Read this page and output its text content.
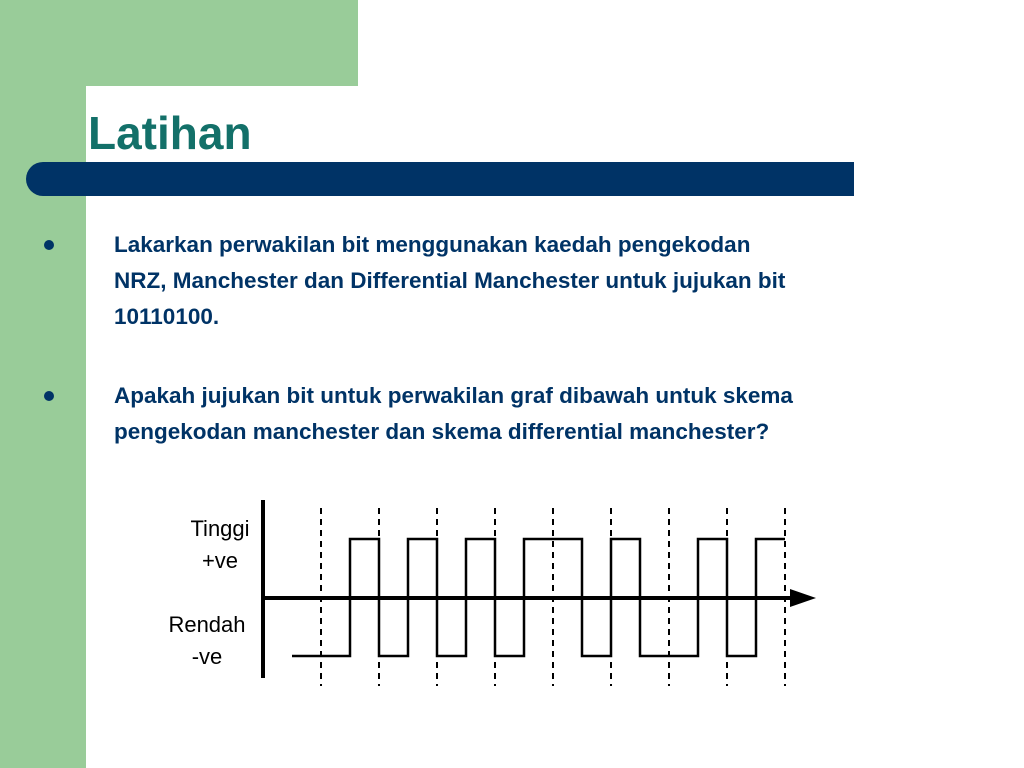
Latihan

Lakarkan perwakilan bit menggunakan kaedah pengekodan
NRZ, Manchester dan Differential Manchester untuk jujukan bit
10110100.

Apakah jujukan bit untuk perwakilan graf dibawah untuk skema
pengekodan manchester dan skema differential manchester?

Tinggi
+ve
Rendah
-ve
